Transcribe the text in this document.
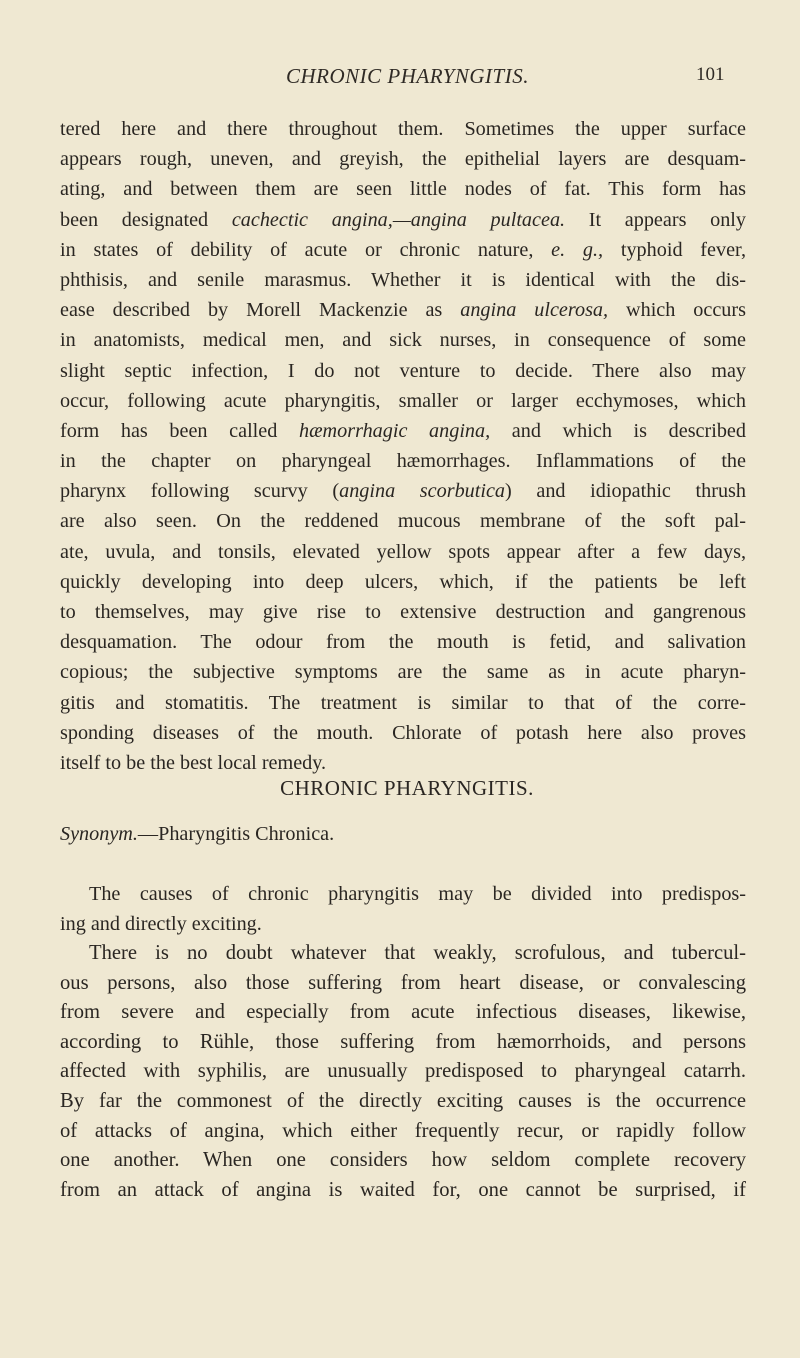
CHRONIC PHARYNGITIS.	101
tered here and there throughout them. Sometimes the upper surface
appears rough, uneven, and greyish, the epithelial layers are desquam-
ating, and between them are seen little nodes of fat. This form has
been designated cachectic angina,—angina pultacea. It appears only
in states of debility of acute or chronic nature, e. g., typhoid fever,
phthisis, and senile marasmus. Whether it is identical with the dis-
ease described by Morell Mackenzie as angina ulcerosa, which occurs
in anatomists, medical men, and sick nurses, in consequence of some
slight septic infection, I do not venture to decide. There also may
occur, following acute pharyngitis, smaller or larger ecchymoses, which
form has been called hæmorrhagic angina, and which is described
in the chapter on pharyngeal hæmorrhages. Inflammations of the
pharynx following scurvy (angina scorbutica) and idiopathic thrush
are also seen. On the reddened mucous membrane of the soft pal-
ate, uvula, and tonsils, elevated yellow spots appear after a few days,
quickly developing into deep ulcers, which, if the patients be left
to themselves, may give rise to extensive destruction and gangrenous
desquamation. The odour from the mouth is fetid, and salivation
copious; the subjective symptoms are the same as in acute pharyn-
gitis and stomatitis. The treatment is similar to that of the corre-
sponding diseases of the mouth. Chlorate of potash here also proves
itself to be the best local remedy.
CHRONIC PHARYNGITIS.
Synonym.—Pharyngitis Chronica.
The causes of chronic pharyngitis may be divided into predispos-
ing and directly exciting.
There is no doubt whatever that weakly, scrofulous, and tubercul-
ous persons, also those suffering from heart disease, or convalescing
from severe and especially from acute infectious diseases, likewise,
according to Rühle, those suffering from hæmorrhoids, and persons
affected with syphilis, are unusually predisposed to pharyngeal catarrh.
By far the commonest of the directly exciting causes is the occurrence
of attacks of angina, which either frequently recur, or rapidly follow
one another. When one considers how seldom complete recovery
from an attack of angina is waited for, one cannot be surprised, if
